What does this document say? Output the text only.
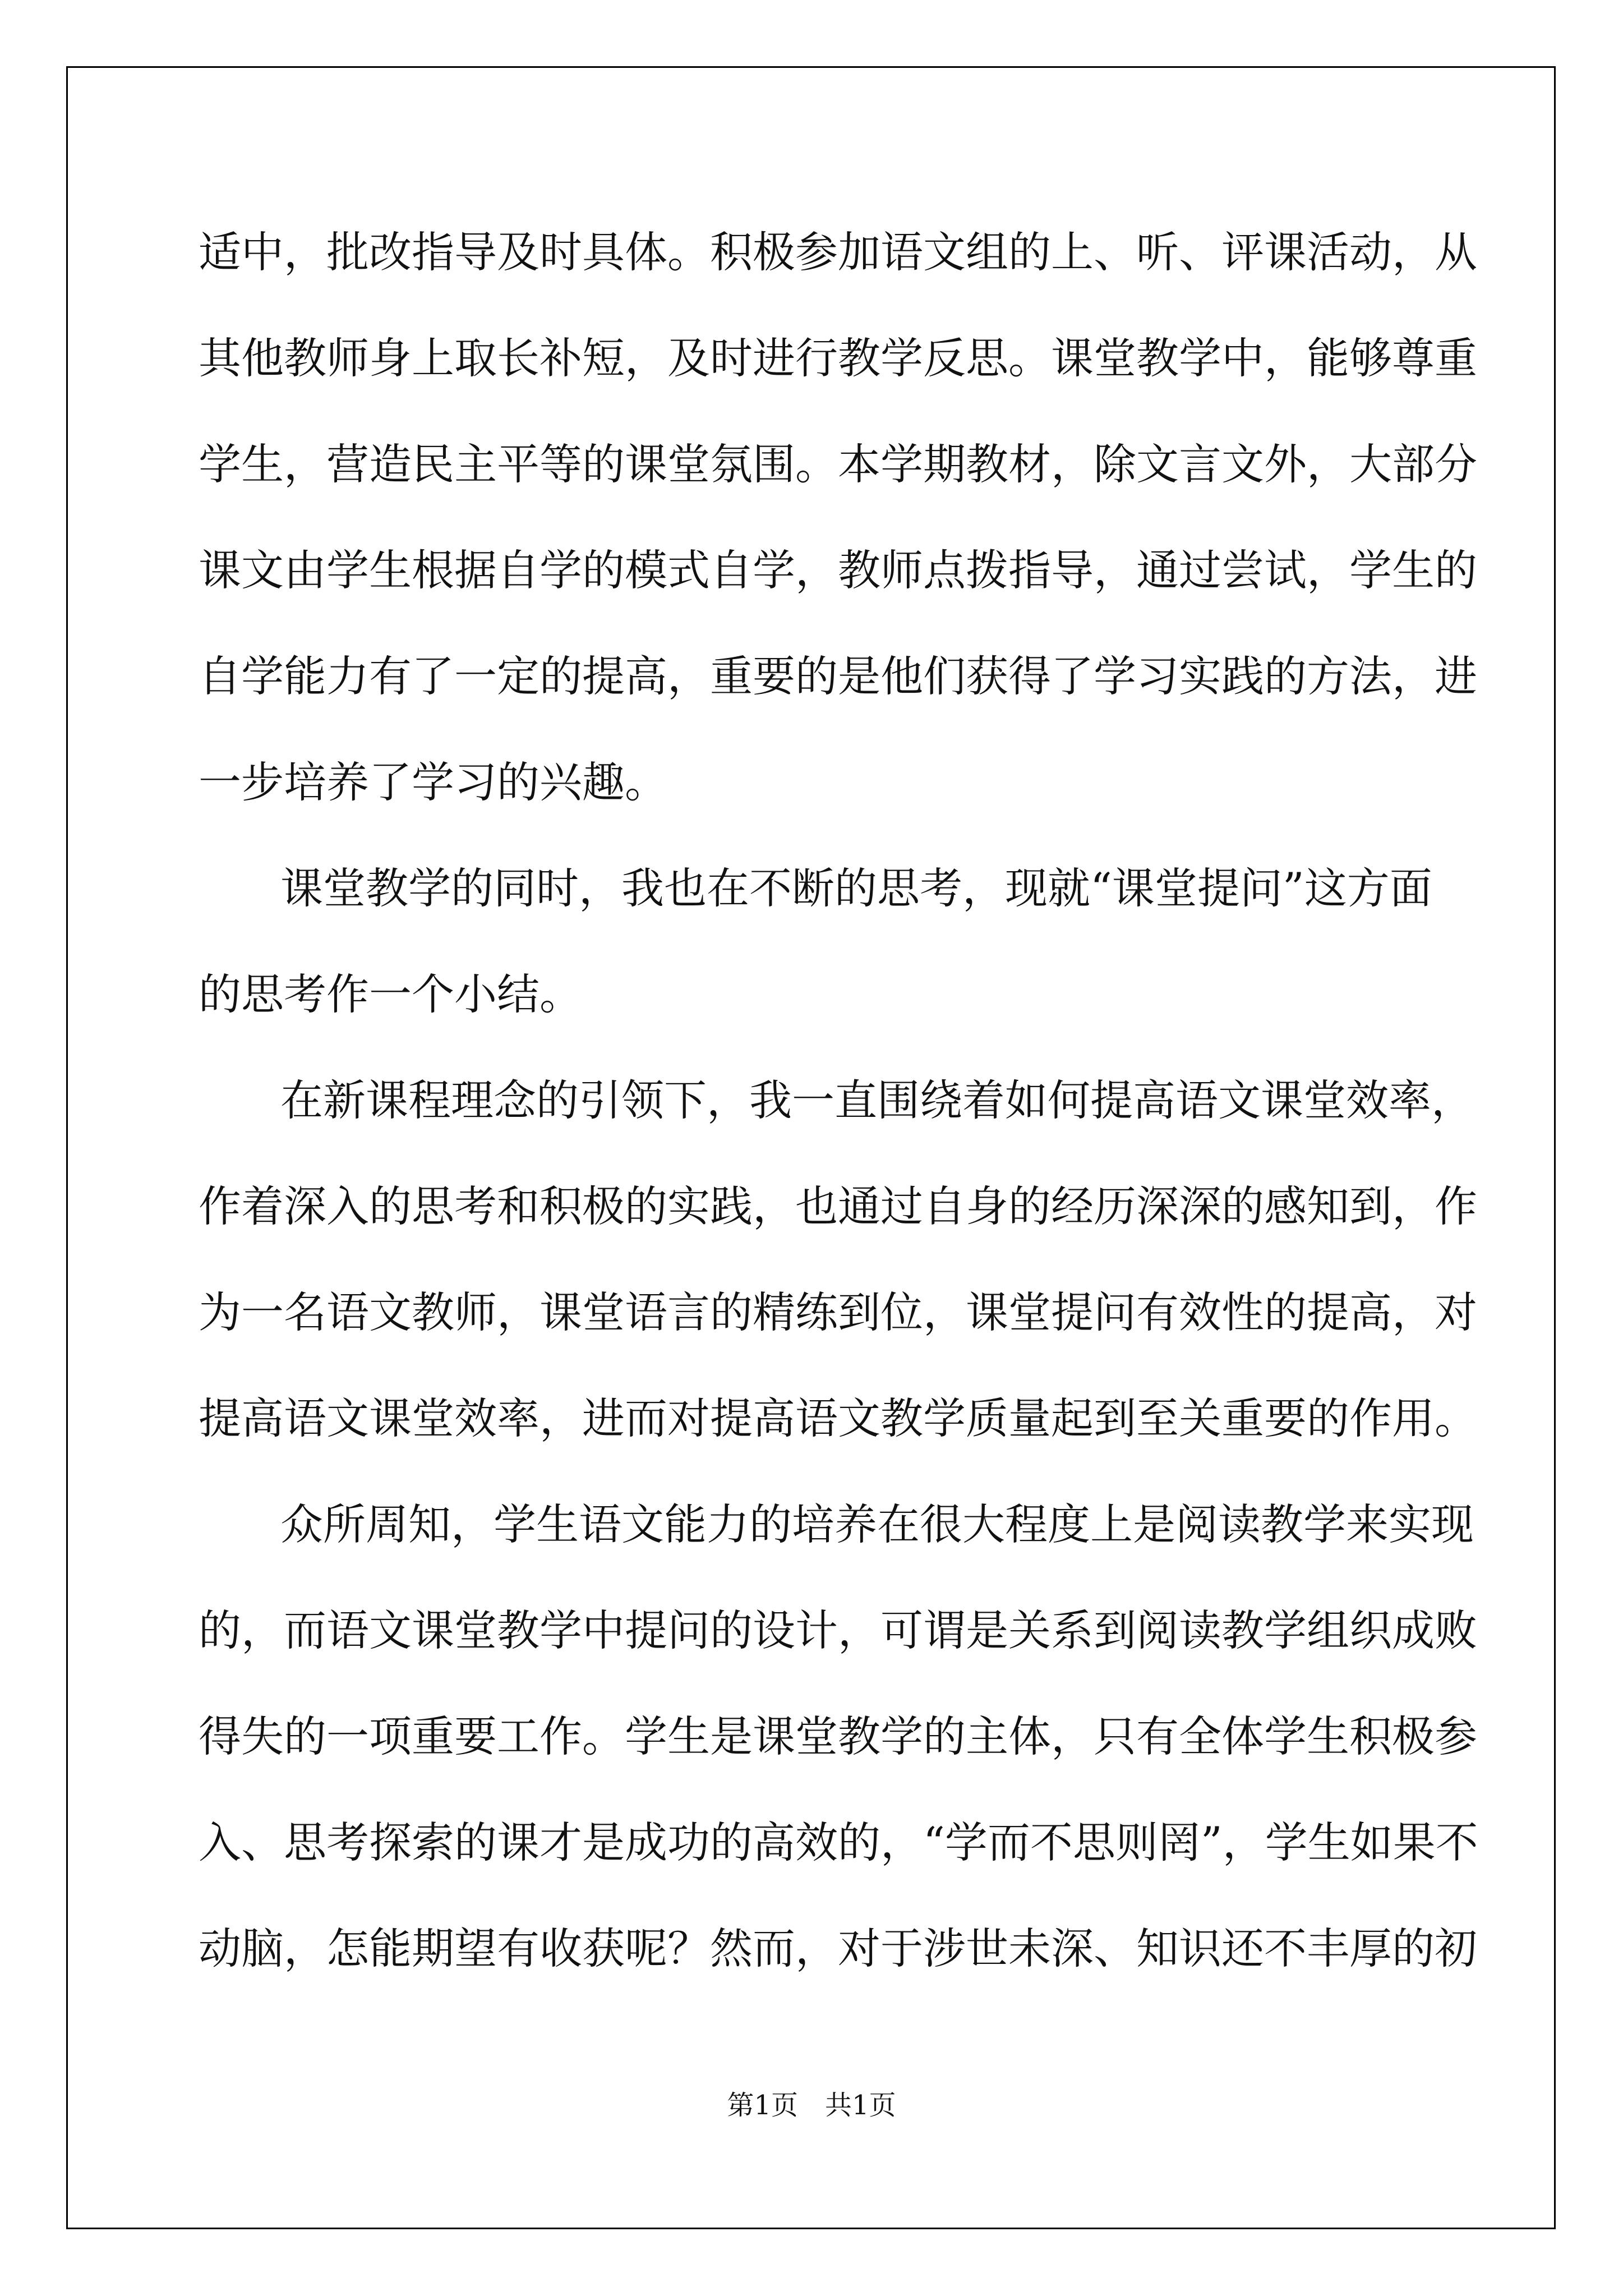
适中，批改指导及时具体。积极参加语文组的上、听、评课活动，从
其他教师身上取长补短，及时进行教学反思。课堂教学中，能够尊重
学生，营造民主平等的课堂氛围。本学期教材，除文言文外，大部分
课文由学生根据自学的模式自学，教师点拨指导，通过尝试，学生的
自学能力有了一定的提高，重要的是他们获得了学习实践的方法，进
一步培养了学习的兴趣。
课堂教学的同时，我也在不断的思考，现就“课堂提问”这方面
的思考作一个小结。
在新课程理念的引领下，我一直围绕着如何提高语文课堂效率，
作着深入的思考和积极的实践，也通过自身的经历深深的感知到，作
为一名语文教师，课堂语言的精练到位，课堂提问有效性的提高，对
提高语文课堂效率，进而对提高语文教学质量起到至关重要的作用。
众所周知，学生语文能力的培养在很大程度上是阅读教学来实现
的，而语文课堂教学中提问的设计，可谓是关系到阅读教学组织成败
得失的一项重要工作。学生是课堂教学的主体，只有全体学生积极参
入、思考探索的课才是成功的高效的，“学而不思则罔”，学生如果不
动脑，怎能期望有收获呢？然而，对于涉世未深、知识还不丰厚的初
第1页　共1页
